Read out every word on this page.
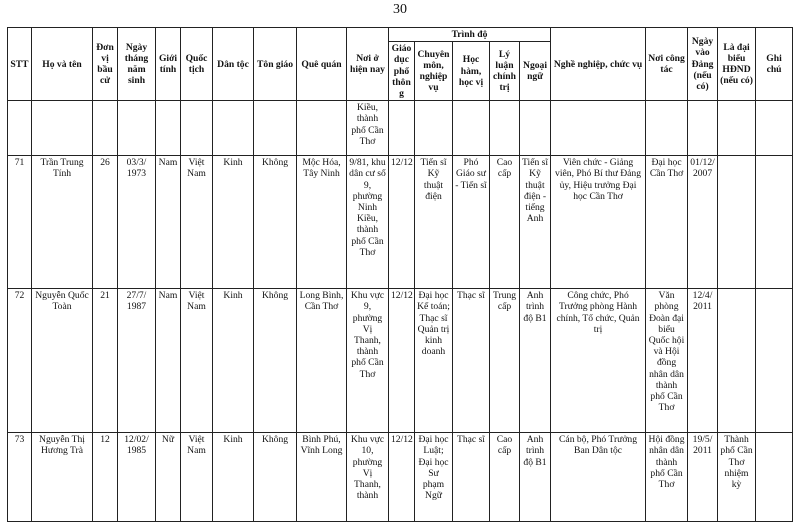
30
STT	Họ và tên	Đơn vị bầu cử	Ngày tháng năm sinh	Giới tính	Quốc tịch	Dân tộc	Tôn giáo	Quê quán	Nơi ở hiện nay	Trình độ					Nghề nghiệp, chức vụ	Nơi công tác	Ngày vào Đảng (nếu có)	Là đại biểu HĐND (nếu có)	Ghi chú
										Giáo dục phổ thông	Chuyên môn, nghiệp vụ	Học hàm, học vị	Lý luận chính trị	Ngoại ngữ					
									Kiều, thành phố Cần Thơ										
71	Trần Trung Tính	26	03/3/ 1973	Nam	Việt Nam	Kinh	Không	Mộc Hóa, Tây Ninh	9/81, khu dân cư số 9, phường Ninh Kiều, thành phố Cần Thơ	12/12	Tiến sĩ Kỹ thuật điện	Phó Giáo sư - Tiến sĩ	Cao cấp	Tiến sĩ Kỹ thuật điện - tiếng Anh	Viên chức - Giảng viên, Phó Bí thư Đảng ủy, Hiệu trưởng Đại học Cần Thơ	Đại học Cần Thơ	01/12/ 2007		
72	Nguyễn Quốc Toàn	21	27/7/ 1987	Nam	Việt Nam	Kinh	Không	Long Bình, Cần Thơ	Khu vực 9, phường Vị Thanh, thành phố Cần Thơ	12/12	Đại học Kế toán; Thạc sĩ Quản trị kinh doanh	Thạc sĩ	Trung cấp	Anh trình độ B1	Công chức, Phó Trưởng phòng Hành chính, Tổ chức, Quản trị	Văn phòng Đoàn đại biểu Quốc hội và Hội đồng nhân dân thành phố Cần Thơ	12/4/ 2011		
73	Nguyễn Thị Hương Trà	12	12/02/ 1985	Nữ	Việt Nam	Kinh	Không	Bình Phú, Vĩnh Long	Khu vực 10, phường Vị Thanh, thành	12/12	Đại học Luật; Đại học Sư phạm Ngữ	Thạc sĩ	Cao cấp	Anh trình độ B1	Cán bộ, Phó Trưởng Ban Dân tộc	Hội đồng nhân dân thành phố Cần Thơ	19/5/ 2011	Thành phố Cần Thơ nhiệm kỳ	
